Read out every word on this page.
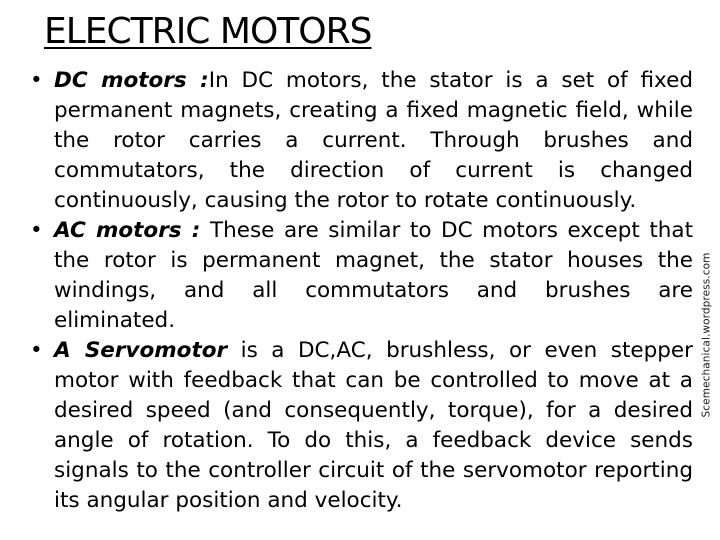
ELECTRIC MOTORS
• DC motors :In DC motors, the stator is a set of fixed permanent magnets, creating a fixed magnetic field, while the rotor carries a current. Through brushes and commutators, the direction of current is changed continuously, causing the rotor to rotate continuously.
• AC motors : These are similar to DC motors except that the rotor is permanent magnet, the stator houses the windings, and all commutators and brushes are eliminated.
• A Servomotor is a DC,AC, brushless, or even stepper motor with feedback that can be controlled to move at a desired speed (and consequently, torque), for a desired angle of rotation. To do this, a feedback device sends signals to the controller circuit of the servomotor reporting its angular position and velocity.
Scemechanical.wordpress.com
